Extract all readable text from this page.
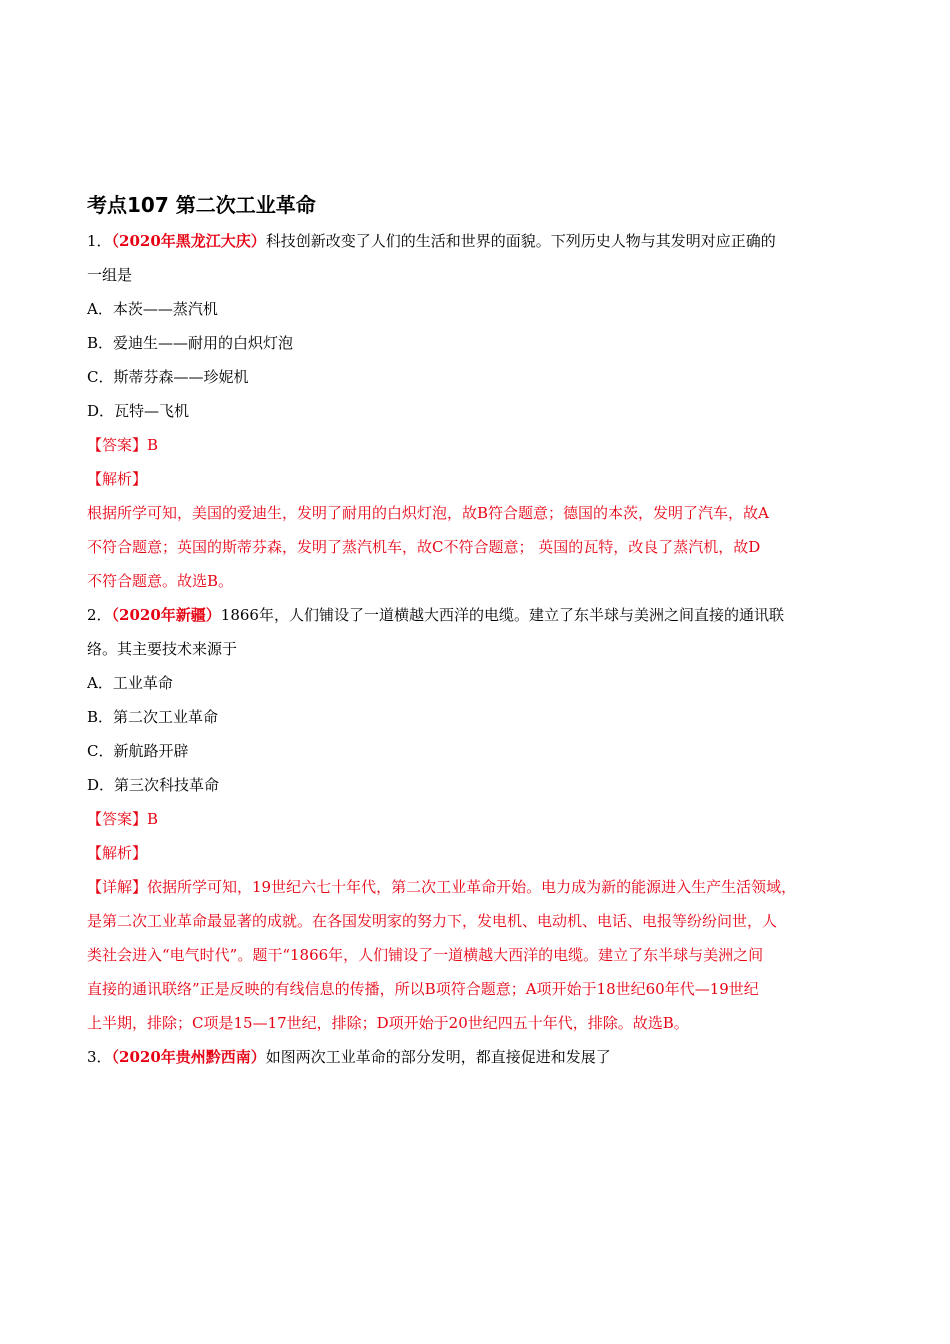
考点107 第二次工业革命
1．（2020年黑龙江大庆）科技创新改变了人们的生活和世界的面貌。下列历史人物与其发明对应正确的
一组是
A．本茨——蒸汽机
B．爱迪生——耐用的白炽灯泡
C．斯蒂芬森——珍妮机
D．瓦特—飞机
【答案】B
【解析】
根据所学可知，美国的爱迪生，发明了耐用的白炽灯泡，故B符合题意；德国的本茨，发明了汽车，故A
不符合题意；英国的斯蒂芬森，发明了蒸汽机车，故C不符合题意； 英国的瓦特，改良了蒸汽机，故D
不符合题意。故选B。
2．（2020年新疆）1866年，人们铺设了一道横越大西洋的电缆。建立了东半球与美洲之间直接的通讯联
络。其主要技术来源于
A．工业革命
B．第二次工业革命
C．新航路开辟
D．第三次科技革命
【答案】B
【解析】
【详解】依据所学可知，19世纪六七十年代，第二次工业革命开始。电力成为新的能源进入生产生活领域，
是第二次工业革命最显著的成就。在各国发明家的努力下，发电机、电动机、电话、电报等纷纷问世，人
类社会进入“电气时代”。题干“1866年，人们铺设了一道横越大西洋的电缆。建立了东半球与美洲之间
直接的通讯联络”正是反映的有线信息的传播，所以B项符合题意；A项开始于18世纪60年代—19世纪
上半期，排除；C项是15—17世纪，排除；D项开始于20世纪四五十年代，排除。故选B。
3．（2020年贵州黔西南）如图两次工业革命的部分发明，都直接促进和发展了
